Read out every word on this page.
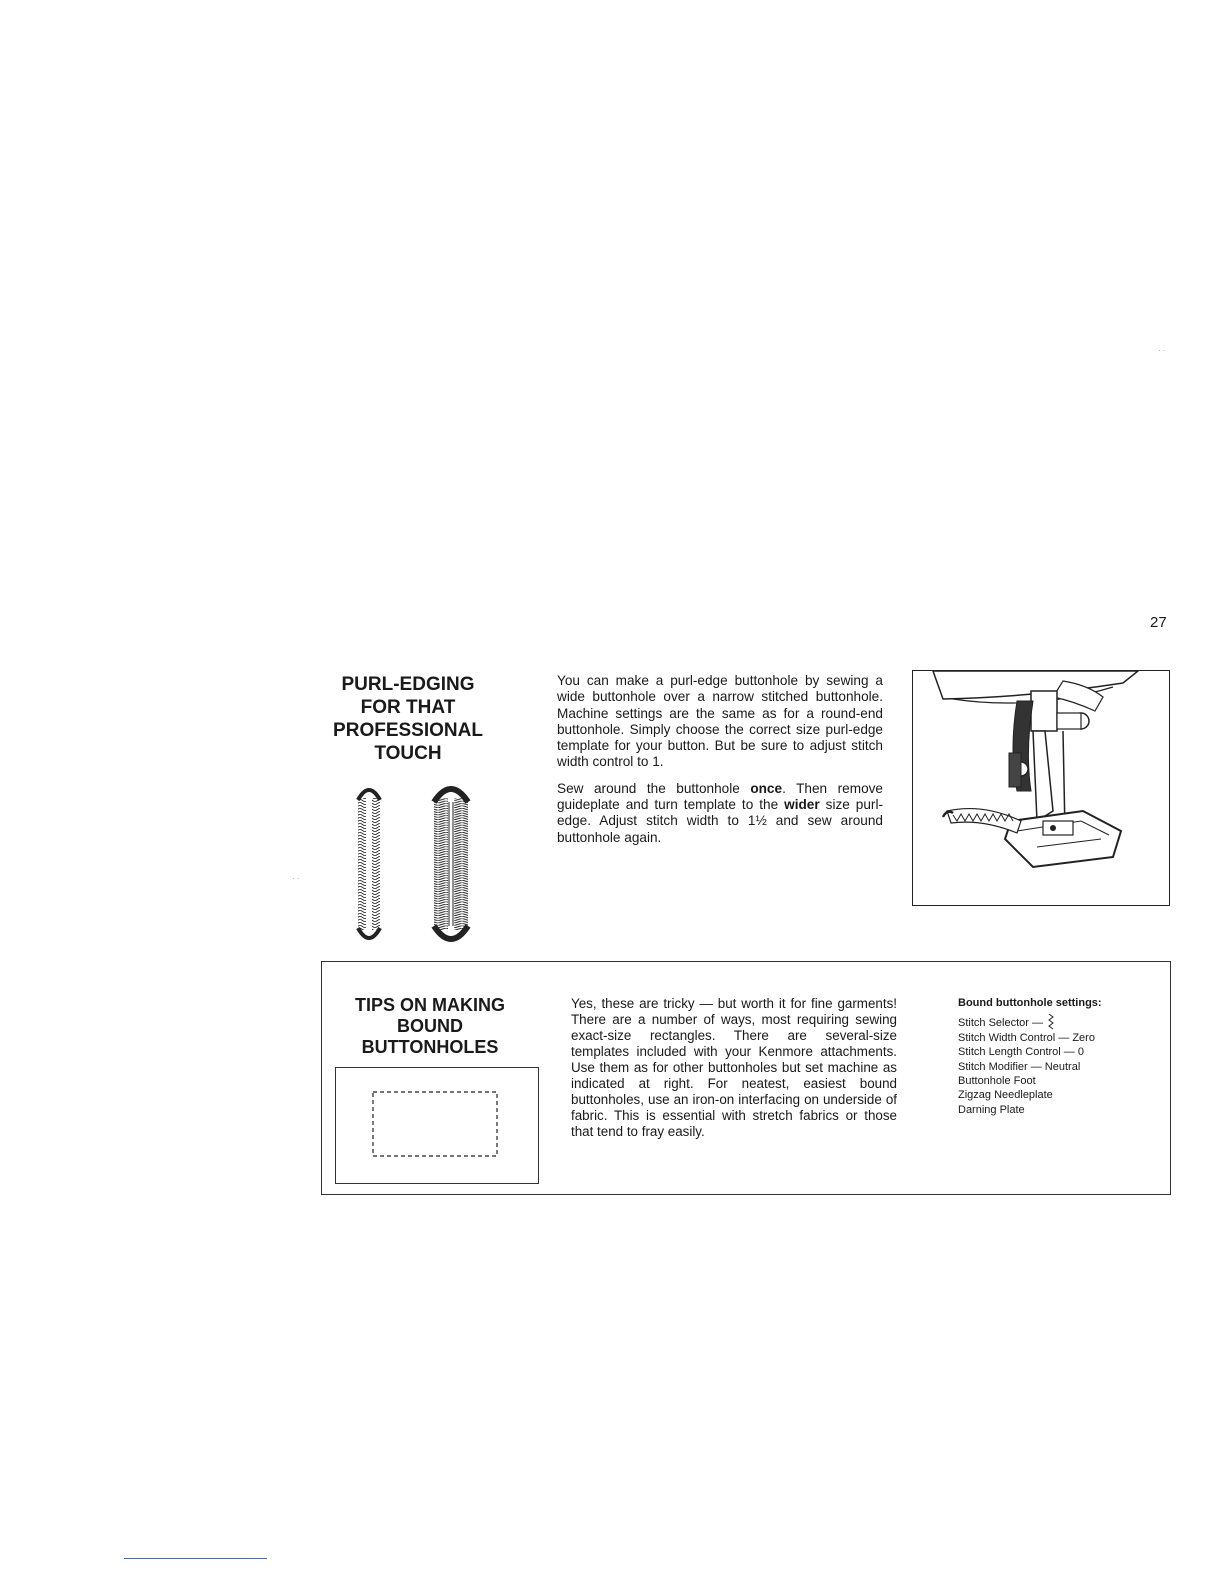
27
· ·
· ·
PURL-EDGING
FOR THAT
PROFESSIONAL
TOUCH

You can make a purl-edge buttonhole by sewing a wide buttonhole over a narrow stitched buttonhole. Machine settings are the same as for a round-end buttonhole. Simply choose the correct size purl-edge template for your button. But be sure to adjust stitch width control to 1.

Sew around the buttonhole once. Then remove guideplate and turn template to the wider size purl-edge. Adjust stitch width to 1½ and sew around buttonhole again.

TIPS ON MAKING
BOUND
BUTTONHOLES
Yes, these are tricky — but worth it for fine garments! There are a number of ways, most requiring sewing exact-size rectangles. There are several-size templates included with your Kenmore attachments. Use them as for other buttonholes but set machine as indicated at right. For neatest, easiest bound buttonholes, use an iron-on interfacing on underside of fabric. This is essential with stretch fabrics or those that tend to fray easily.
Bound buttonhole settings:
Stitch Selector —
Stitch Width Control — Zero
Stitch Length Control — 0
Stitch Modifier — Neutral
Buttonhole Foot
Zigzag Needleplate
Darning Plate
